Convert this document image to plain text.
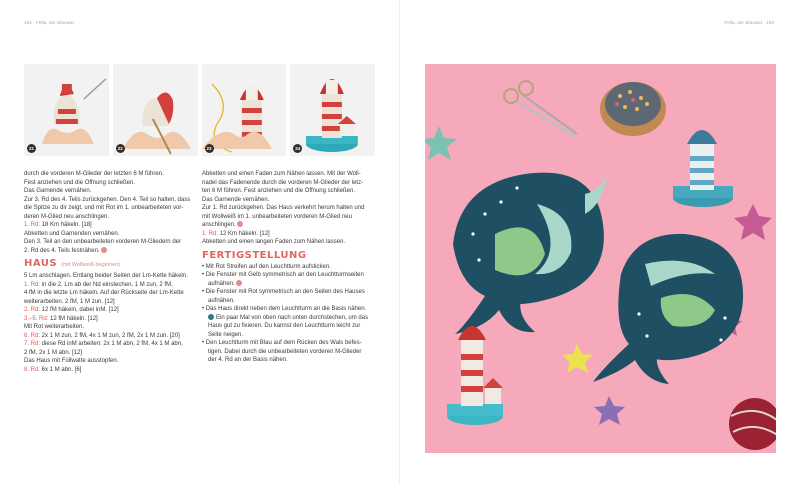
104 · Fella, der Blauwal
21	22	23	24
durch die vorderen M-Glieder der letzten 6 M führen.
Fest anziehen und die Öffnung schließen.
Das Garnende vernähen.
Zur 3. Rd des 4. Teils zurückgehen. Den 4. Teil so halten, dass
die Spitze zu dir zeigt, und mit Rot im 1. unbearbeiteten vor-
deren M-Glied neu anschlingen.
1. Rd: 18 Km häkeln. [18]
Abketten und Garnenden vernähen.
Den 3. Teil an den unbearbeiteten vorderen M-Gliedern der
2. Rd des 4. Teils festnähen.
HAUS (mit Wollweiß beginnen)
5 Lm anschlagen. Entlang beider Seiten der Lm-Kette häkeln.
1. Rd: in die 2. Lm ab der Nd einstechen, 1 M zun, 2 fM,
4 fM in die letzte Lm häkeln. Auf der Rückseite der Lm-Kette
weiterarbeiten. 2 fM, 1 M zun. [12]
2. Rd: 12 fM häkeln, dabei inM. [12]
3.–5. Rd: 12 fM häkeln. [12]
Mit Rot weiterarbeiten.
6. Rd: 2x 1 M zun, 2 fM, 4x 1 M zun, 2 fM, 2x 1 M zun. [20]
7. Rd: diese Rd inM arbeiten: 2x 1 M abn, 2 fM, 4x 1 M abn,
2 fM, 2x 1 M abn. [12]
Das Haus mit Füllwatte ausstopfen.
8. Rd: 6x 1 M abn. [6]
Abketten und einen Faden zum Nähen lassen. Mit der Woll-
nadel das Fadenende durch die vorderen M-Glieder der letz-
ten 6 M führen. Fest anziehen und die Öffnung schließen.
Das Garnende vernähen.
Zur 1. Rd zurückgehen. Das Haus verkehrt herum halten und
mit Wollweiß im 1. unbearbeiteten vorderen M-Glied neu
anschlingen.
1. Rd: 12 Km häkeln. [12]
Abketten und einen langen Faden zum Nähen lassen.
FERTIGSTELLUNG
• Mit Rot Streifen auf den Leuchtturm aufsticken.
• Die Fenster mit Gelb symmetrisch an den Leuchtturmseiten
aufnähen.
• Die Fenster mit Rot symmetrisch an den Seiten des Hauses
aufnähen.
• Das Haus direkt neben dem Leuchtturm an die Basis nähen.
Ein paar Mal von oben nach unten durchstechen, um das
Haus gut zu fixieren. Du kannst den Leuchtturm leicht zur
Seite neigen.
• Den Leuchtturm mit Blau auf dem Rücken des Wals befes-
tigen. Dabei durch die unbearbeiteten vorderen M-Glieder
der 4. Rd an der Basis nähen.
Fella, der Blauwal · 105
